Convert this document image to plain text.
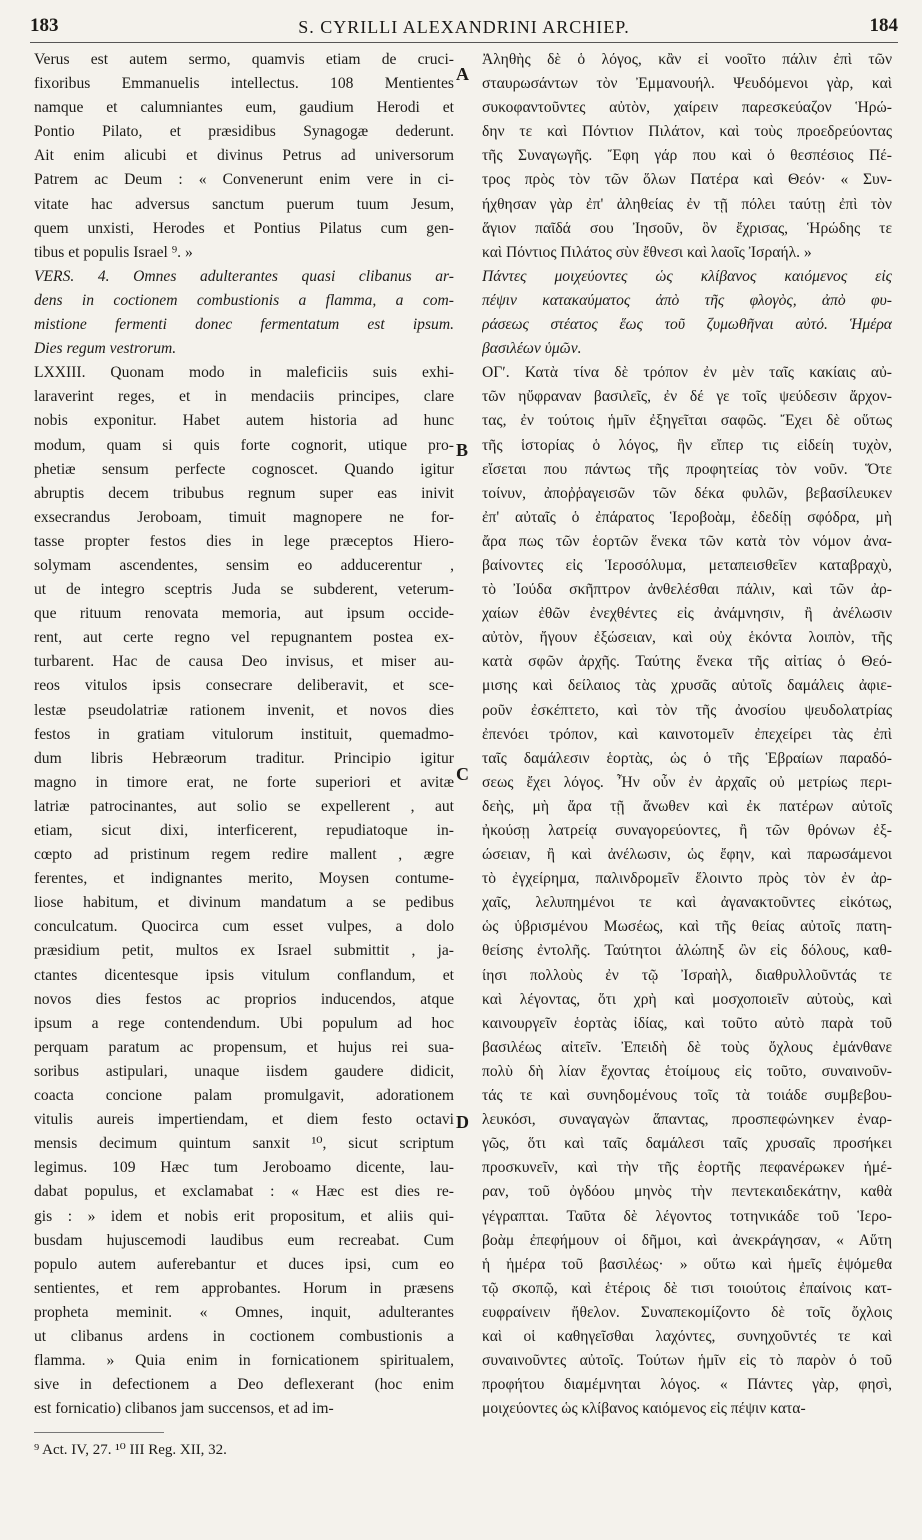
183	S. CYRILLI ALEXANDRINI ARCHIEP.	184
Verus est autem sermo, quamvis etiam de cruci-
fixoribus Emmanuelis intellectus. 108 Mentientes
namque et calumniantes eum, gaudium Herodi et
Pontio Pilato, et præsidibus Synagogæ dederunt.
Ait enim alicubi et divinus Petrus ad universorum
Patrem ac Deum : « Convenerunt enim vere in ci-
vitate hac adversus sanctum puerum tuum Jesum,
quem unxisti, Herodes et Pontius Pilatus cum gen-
tibus et populis Israel ⁹. »
VERS. 4. Omnes adulterantes quasi clibanus ar-
dens in coctionem combustionis a flamma, a com-
mistione fermenti donec fermentatum est ipsum.
Dies regum vestrorum.
LXXIII. Quonam modo in maleficiis suis exhi-
laraverint reges, et in mendaciis principes, clare
nobis exponitur. Habet autem historia ad hunc
modum, quam si quis forte cognorit, utique pro-
phetiæ sensum perfecte cognoscet. Quando igitur
abruptis decem tribubus regnum super eas inivit
exsecrandus Jeroboam, timuit magnopere ne for-
tasse propter festos dies in lege præceptos Hiero-
solymam ascendentes, sensim eo adducerentur ,
ut de integro sceptris Juda se subderent, veterum-
que rituum renovata memoria, aut ipsum occide-
rent, aut certe regno vel repugnantem postea ex-
turbarent. Hac de causa Deo invisus, et miser au-
reos vitulos ipsis consecrare deliberavit, et sce-
lestæ pseudolatriæ rationem invenit, et novos dies
festos in gratiam vitulorum instituit, quemadmo-
dum libris Hebræorum traditur. Principio igitur
magno in timore erat, ne forte superiori et avitæ
latriæ patrocinantes, aut solio se expellerent , aut
etiam, sicut dixi, interficerent, repudiatoque in-
cœpto ad pristinum regem redire mallent , ægre
ferentes, et indignantes merito, Moysen contume-
liose habitum, et divinum mandatum a se pedibus
conculcatum. Quocirca cum esset vulpes, a dolo
præsidium petit, multos ex Israel submittit , ja-
ctantes dicentesque ipsis vitulum conflandum, et
novos dies festos ac proprios inducendos, atque
ipsum a rege contendendum. Ubi populum ad hoc
perquam paratum ac propensum, et hujus rei sua-
soribus astipulari, unaque iisdem gaudere didicit,
coacta concione palam promulgavit, adorationem
vitulis aureis impertiendam, et diem festo octavi
mensis decimum quintum sanxit ¹⁰, sicut scriptum
legimus. 109 Hæc tum Jeroboamo dicente, lau-
dabat populus, et exclamabat : « Hæc est dies re-
gis : » idem et nobis erit propositum, et aliis qui-
busdam hujuscemodi laudibus eum recreabat. Cum
populo autem auferebantur et duces ipsi, cum eo
sentientes, et rem approbantes. Horum in præsens
propheta meminit. « Omnes, inquit, adulterantes
ut clibanus ardens in coctionem combustionis a
flamma. » Quia enim in fornicationem spiritualem,
sive in defectionem a Deo deflexerant (hoc enim
est fornicatio) clibanos jam succensos, et ad im-
Ἀληθὴς δὲ ὁ λόγος, κἂν εἰ νοοῖτο πάλιν ἐπὶ τῶν
σταυρωσάντων τὸν Ἐμμανουήλ. Ψευδόμενοι γὰρ, καὶ
συκοφαντοῦντες αὐτὸν, χαίρειν παρεσκεύαζον Ἡρώ-
δην τε καὶ Πόντιον Πιλάτον, καὶ τοὺς προεδρεύοντας
τῆς Συναγωγῆς. Ἔφη γάρ που καὶ ὁ θεσπέσιος Πέ-
τρος πρὸς τὸν τῶν ὅλων Πατέρα καὶ Θεόν· « Συν-
ήχθησαν γὰρ ἐπ' ἀληθείας ἐν τῇ πόλει ταύτῃ ἐπὶ τὸν
ἅγιον παῖδά σου Ἰησοῦν, ὃν ἔχρισας, Ἡρώδης τε
καὶ Πόντιος Πιλάτος σὺν ἔθνεσι καὶ λαοῖς Ἰσραήλ. »
Πάντες μοιχεύοντες ὡς κλίβανος καιόμενος εἰς
πέψιν κατακαύματος ἀπὸ τῆς φλογὸς, ἀπὸ φυ-
ράσεως στέατος ἕως τοῦ ζυμωθῆναι αὐτό. Ἡμέρα
βασιλέων ὑμῶν.
ΟΓʹ. Κατὰ τίνα δὲ τρόπον ἐν μὲν ταῖς κακίαις αὐ-
τῶν ηὔφραναν βασιλεῖς, ἐν δέ γε τοῖς ψεύδεσιν ἄρχον-
τας, ἐν τούτοις ἡμῖν ἐξηγεῖται σαφῶς. Ἔχει δὲ οὕτως
τῆς ἱστορίας ὁ λόγος, ἣν εἴπερ τις εἰδείη τυχὸν,
εἴσεται που πάντως τῆς προφητείας τὸν νοῦν. Ὅτε
τοίνυν, ἀποῤῥαγεισῶν τῶν δέκα φυλῶν, βεβασίλευκεν
ἐπ' αὐταῖς ὁ ἐπάρατος Ἱεροβοὰμ, ἐδεδίῃ σφόδρα, μὴ
ἄρα πως τῶν ἑορτῶν ἕνεκα τῶν κατὰ τὸν νόμον ἀνα-
βαίνοντες εἰς Ἱεροσόλυμα, μεταπεισθεῖεν καταβραχὺ,
τὸ Ἰούδα σκῆπτρον ἀνθελέσθαι πάλιν, καὶ τῶν ἀρ-
χαίων ἐθῶν ἐνεχθέντες εἰς ἀνάμνησιν, ἢ ἀνέλωσιν
αὐτὸν, ἤγουν ἐξώσειαν, καὶ οὐχ ἑκόντα λοιπὸν, τῆς
κατὰ σφῶν ἀρχῆς. Ταύτης ἕνεκα τῆς αἰτίας ὁ Θεό-
μισης καὶ δείλαιος τὰς χρυσᾶς αὐτοῖς δαμάλεις ἀφιε-
ροῦν ἐσκέπτετο, καὶ τὸν τῆς ἀνοσίου ψευδολατρίας
ἐπενόει τρόπον, καὶ καινοτομεῖν ἐπεχείρει τὰς ἐπὶ
ταῖς δαμάλεσιν ἑορτὰς, ὡς ὁ τῆς Ἑβραίων παραδό-
σεως ἔχει λόγος. Ἦν οὖν ἐν ἀρχαῖς οὐ μετρίως περι-
δεὴς, μὴ ἄρα τῇ ἄνωθεν καὶ ἐκ πατέρων αὐτοῖς
ἠκούσῃ λατρείᾳ συναγορεύοντες, ἢ τῶν θρόνων ἐξ-
ώσειαν, ἢ καὶ ἀνέλωσιν, ὡς ἔφην, καὶ παρωσάμενοι
τὸ ἐγχείρημα, παλινδρομεῖν ἕλοιντο πρὸς τὸν ἐν ἀρ-
χαῖς, λελυπημένοι τε καὶ ἀγανακτοῦντες εἰκότως,
ὡς ὑβρισμένου Μωσέως, καὶ τῆς θείας αὐτοῖς πατη-
θείσης ἐντολῆς. Ταύτητοι ἀλώπηξ ὢν εἰς δόλους, καθ-
ίησι πολλοὺς ἐν τῷ Ἰσραὴλ, διαθρυλλοῦντάς τε
καὶ λέγοντας, ὅτι χρὴ καὶ μοσχοποιεῖν αὐτοὺς, καὶ
καινουργεῖν ἑορτὰς ἰδίας, καὶ τοῦτο αὐτὸ παρὰ τοῦ
βασιλέως αἰτεῖν. Ἐπειδὴ δὲ τοὺς ὄχλους ἐμάνθανε
πολὺ δὴ λίαν ἔχοντας ἑτοίμους εἰς τοῦτο, συναινοῦν-
τάς τε καὶ συνηδομένους τοῖς τὰ τοιάδε συμβεβου-
λευκόσι, συναγαγὼν ἅπαντας, προσπεφώνηκεν ἐναρ-
γῶς, ὅτι καὶ ταῖς δαμάλεσι ταῖς χρυσαῖς προσήκει
προσκυνεῖν, καὶ τὴν τῆς ἑορτῆς πεφανέρωκεν ἡμέ-
ραν, τοῦ ὀγδόου μηνὸς τὴν πεντεκαιδεκάτην, καθὰ
γέγραπται. Ταῦτα δὲ λέγοντος τοτηνικάδε τοῦ Ἱερο-
βοὰμ ἐπεφήμουν οἱ δῆμοι, καὶ ἀνεκράγησαν, « Αὕτη
ἡ ἡμέρα τοῦ βασιλέως· » οὕτω καὶ ἡμεῖς ἑψόμεθα
τῷ σκοπῷ, καὶ ἑτέροις δὲ τισι τοιούτοις ἐπαίνοις κατ-
ευφραίνειν ἤθελον. Συναπεκομίζοντο δὲ τοῖς ὄχλοις
καὶ οἱ καθηγεῖσθαι λαχόντες, συνηχοῦντές τε καὶ
συναινοῦντες αὐτοῖς. Τούτων ἡμῖν εἰς τὸ παρὸν ὁ τοῦ
προφήτου διαμέμνηται λόγος. « Πάντες γὰρ, φησὶ,
μοιχεύοντες ὡς κλίβανος καιόμενος εἰς πέψιν κατα-
A
B
C
D
⁹ Act. IV, 27. ¹⁰ III Reg. XII, 32.
